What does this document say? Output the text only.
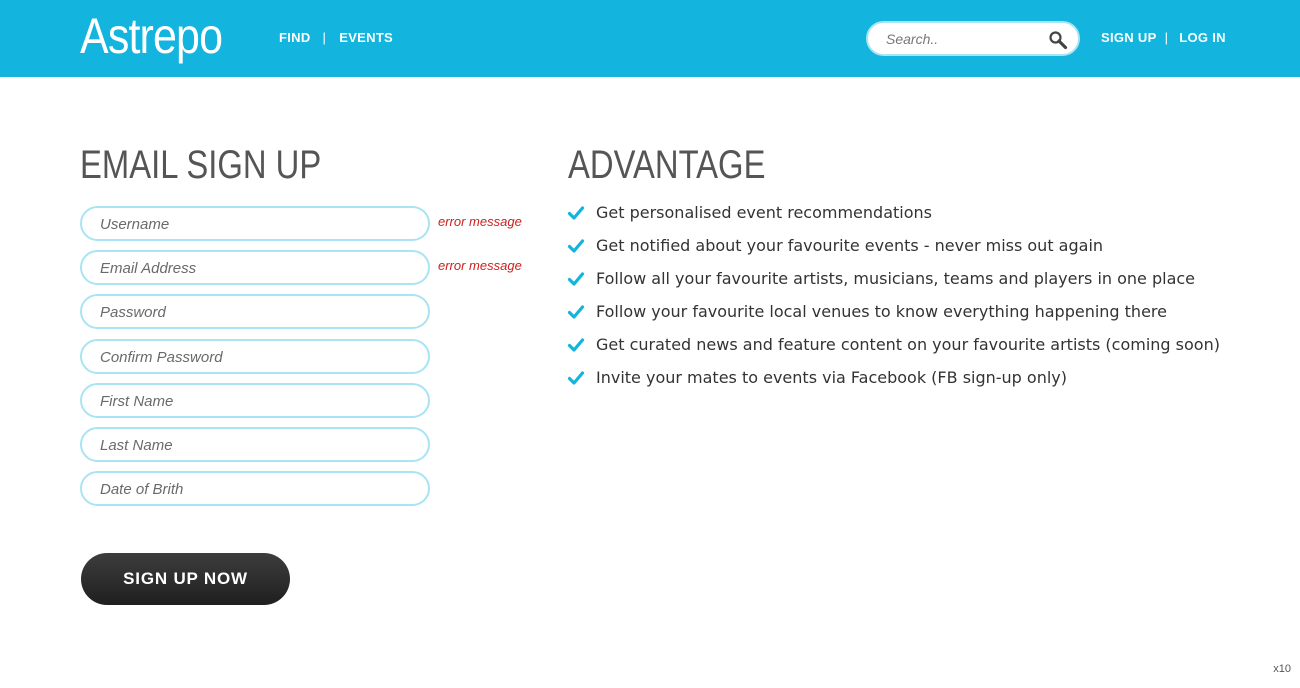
Astrepo	FIND | EVENTS
Search..	SIGN UP | LOG IN
EMAIL SIGN UP
Username
error message
Email Address
error message
First Name
Last Name
Date of Brith
SIGN UP NOW
ADVANTAGE
Get personalised event recommendations
Get notified about your favourite events - never miss out again
Follow all your favourite artists, musicians, teams and players in one place
Follow your favourite local venues to know everything happening there
Get curated news and feature content on your favourite artists (coming soon)
Invite your mates to events via Facebook (FB sign-up only)
x10
